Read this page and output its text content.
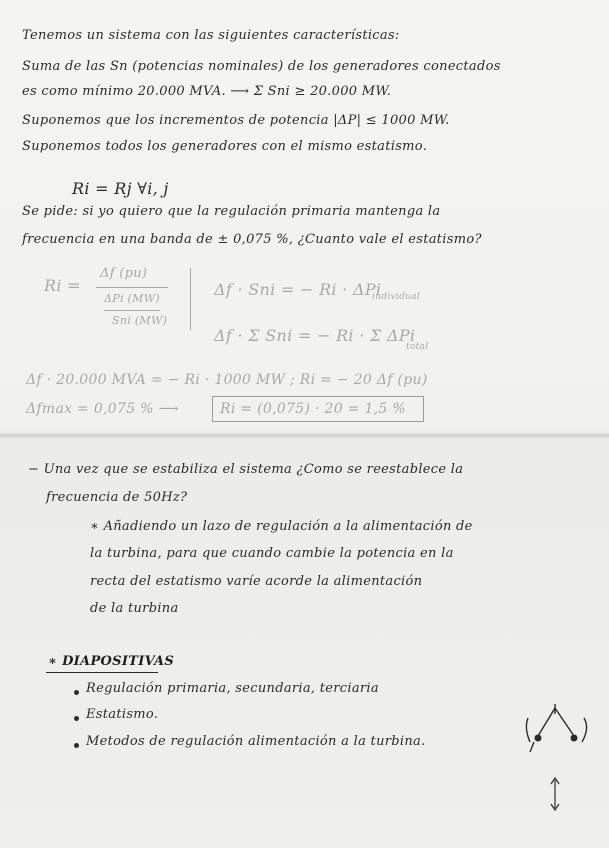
Tenemos un sistema con las siguientes características:
Suma de las Sn (potencias nominales) de los generadores conectados
es como mínimo 20.000 MVA. ⟶ Σ Sni ≥ 20.000 MW.
Suponemos que los incrementos de potencia |ΔP| ≤ 1000 MW.
Suponemos todos los generadores con el mismo estatismo.
Ri = Rj ∀i, j
Se pide: si yo quiero que la regulación primaria mantenga la
frecuencia en una banda de ± 0,075 %, ¿Cuanto vale el estatismo?
Ri =
Δf (pu)
ΔPi (MW)
Sni (MW)
Δf · Sni = − Ri · ΔPi
individual
Δf · Σ Sni = − Ri · Σ ΔPi
total
Δf · 20.000 MVA = − Ri · 1000 MW ; Ri = − 20 Δf (pu)
Δfmax = 0,075 % ⟶	Ri = (0,075) · 20 = 1,5 %
− Una vez que se estabiliza el sistema ¿Como se reestablece la
frecuencia de 50Hz?
∗ Añadiendo un lazo de regulación a la alimentación de
la turbina, para que cuando cambie la potencia en la
recta del estatismo varíe acorde la alimentación
de la turbina
∗ DIAPOSITIVAS
Regulación primaria, secundaria, terciaria
Estatismo.
Metodos de regulación alimentación a la turbina.
